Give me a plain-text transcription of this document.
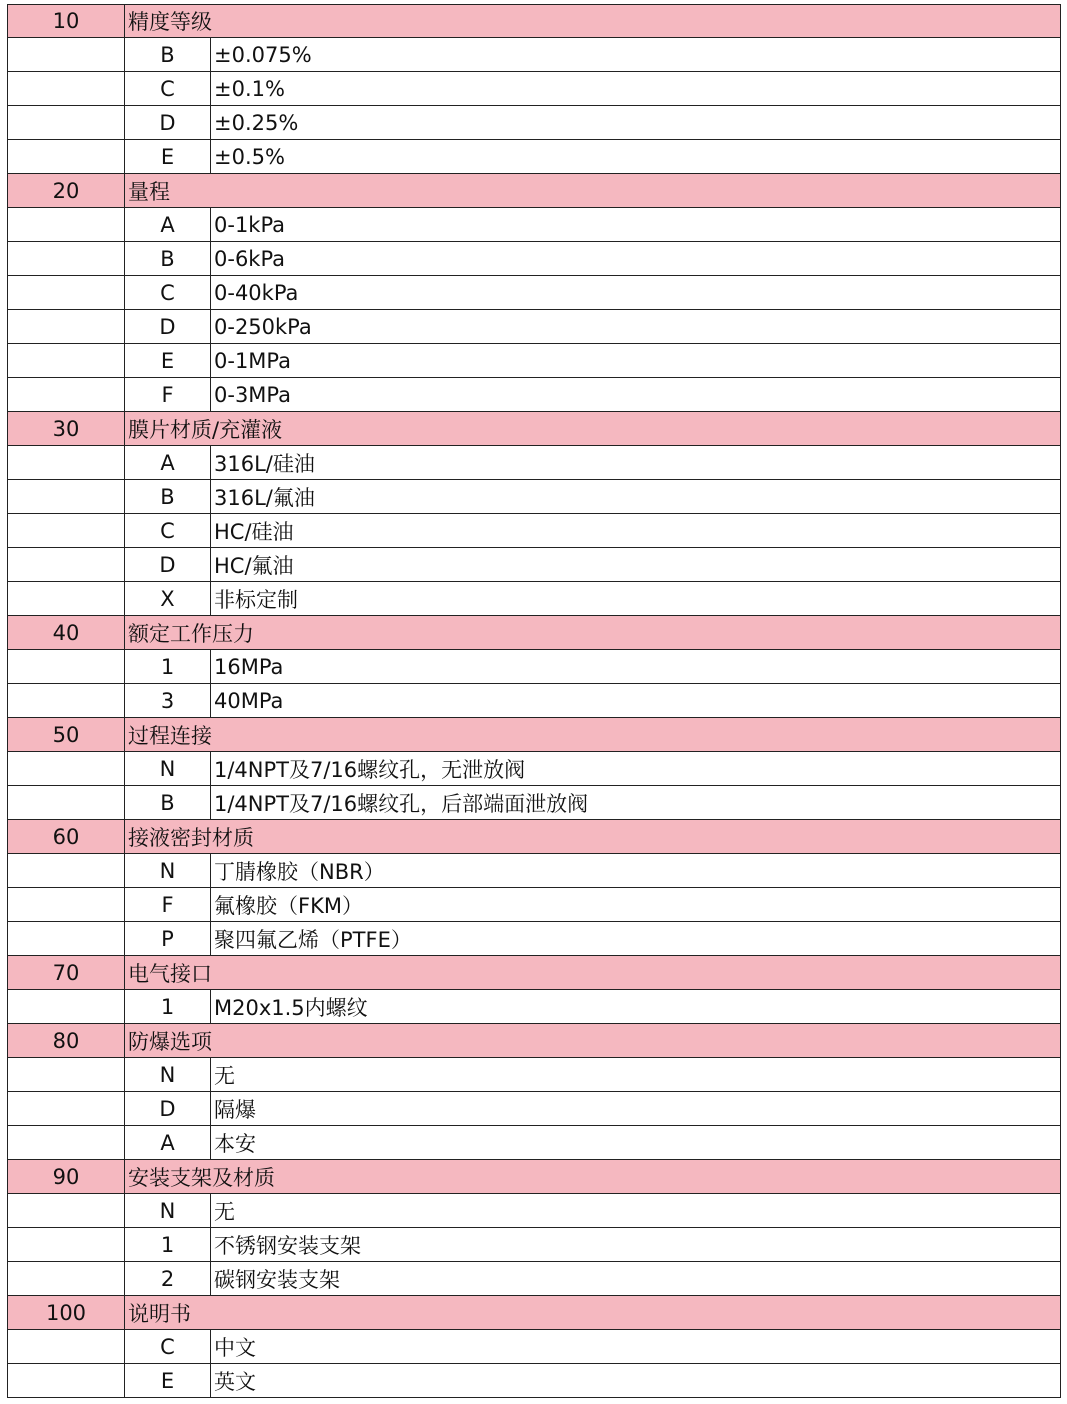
10	精度等级
B	±0.075%
C	±0.1%
D	±0.25%
E	±0.5%
20	量程
A	0-1kPa
B	0-6kPa
C	0-40kPa
D	0-250kPa
E	0-1MPa
F	0-3MPa
30	膜片材质/充灌液
A	316L/硅油
B	316L/氟油
C	HC/硅油
D	HC/氟油
X	非标定制
40	额定工作压力
1	16MPa
3	40MPa
50	过程连接
N	1/4NPT及7/16螺纹孔，无泄放阀
B	1/4NPT及7/16螺纹孔，后部端面泄放阀
60	接液密封材质
N	丁腈橡胶（NBR）
F	氟橡胶（FKM）
P	聚四氟乙烯（PTFE）
70	电气接口
1	M20x1.5内螺纹
80	防爆选项
N	无
D	隔爆
A	本安
90	安装支架及材质
N	无
1	不锈钢安装支架
2	碳钢安装支架
100	说明书
C	中文
E	英文
